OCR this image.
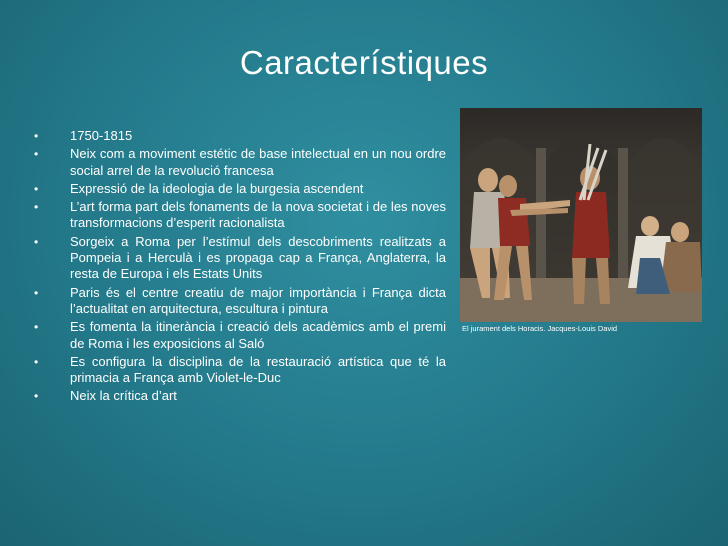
Característiques
• 1750-1815
• Neix com a moviment estétic de base intelectual en un nou ordre social arrel de la revolució francesa
• Expressió de la ideologia de la burgesia ascendent
• L’art forma part dels fonaments de la nova societat i de les noves transformacions d’esperit racionalista
• Sorgeix a Roma per l’estímul dels descobriments realitzats a Pompeia i a Herculà i es propaga cap a França, Anglaterra, la resta de Europa i els Estats Units
• Paris és el centre creatiu de major importància i França dicta l’actualitat en arquitectura, escultura i pintura
• Es fomenta la itinerància i creació dels acadèmics amb el premi de Roma i les exposicions al Saló
• Es configura la disciplina de la restauració artística que té la primacia a França amb Violet-le-Duc
• Neix la crítica d’art
El jurament dels Horacis. Jacques-Louis David
